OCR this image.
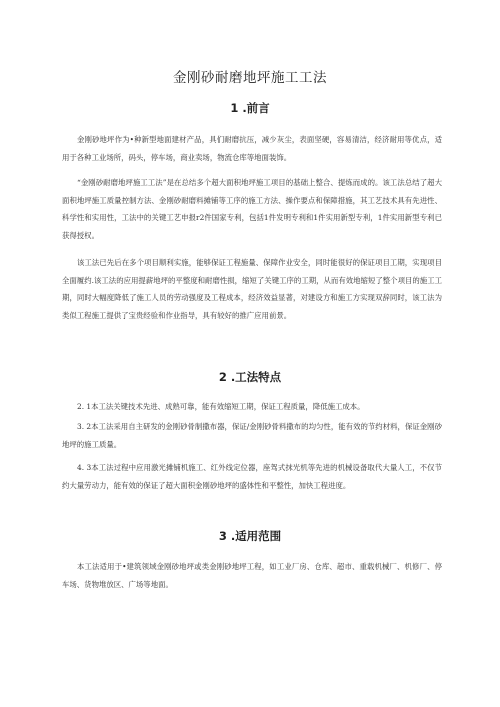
金刚砂耐磨地坪施工工法
1 .前言

金刚砂地坪作为•种新型地面建材产品，具们耐磨抗压，减少灰尘，表面坚硬，容易清洁，经济耐用等优点，适用于各种工业场所，码头，停车场，商业卖场，物流仓库等地面装饰。

“金刚砂耐磨地坪施工工法”是在总结多个超大面积地坪施工项目的基础上整合、提炼而成的。该工法总结了超大面积地坪施工质量控制方法、金刚砂耐磨料摊铺等工序的施工方法、操作要点和保障措施，其工艺技术具有先进性、科学性和实用性，工法中的关键工艺申报r2件国家专利，包括1件发明专利和1件实用新型专利，1件实用新型专利已获得授权。

该工法已先后在多个项目顺利实施，能够保证工程施量、保障作业安全，同时能很好的保证项目工期，实现项目全面履约.该工法的应用提薪地坪的平整度和耐磨性损，缩短了关键工序的工期，从而有效地缩短了整个项目的施工工期，同时大幅度降低了施工人员的劳动强度及工程成本，经济效益显著，对建设方和施工方实现双辞同时，该工法为类似工程施工提供了宝贵经验和作业指导，具有较好的推广应用前景。

2 .工法特点

2. 1本工法关键技术先进、成熟可靠，能有效缩短工期，保证工程质量，降低施工成本。

3. 2本工法采用自主研发的金刚砂骨制撒布器，保证/金刚砂骨料撒布的均匀性，能有效的节约材料，保证金刚砂地坪的施工质量。

4. 3本工法过程中应用激光摊铺机施工、红外线定位器，座驾式抹光机等先进的机械设备取代大量人工，不仅节约大量劳动力，能有效的保证了超大面积金刚砂地坪的盛体性和平整性，加快工程进度。

3 .适用范围

本工法适用于•建筑领域金刚砂地坪或类金刚砂地坪工程，如工业厂房、仓库、超市、重载机械厂、机修厂、停车场、货物堆放区、广场等地面。
